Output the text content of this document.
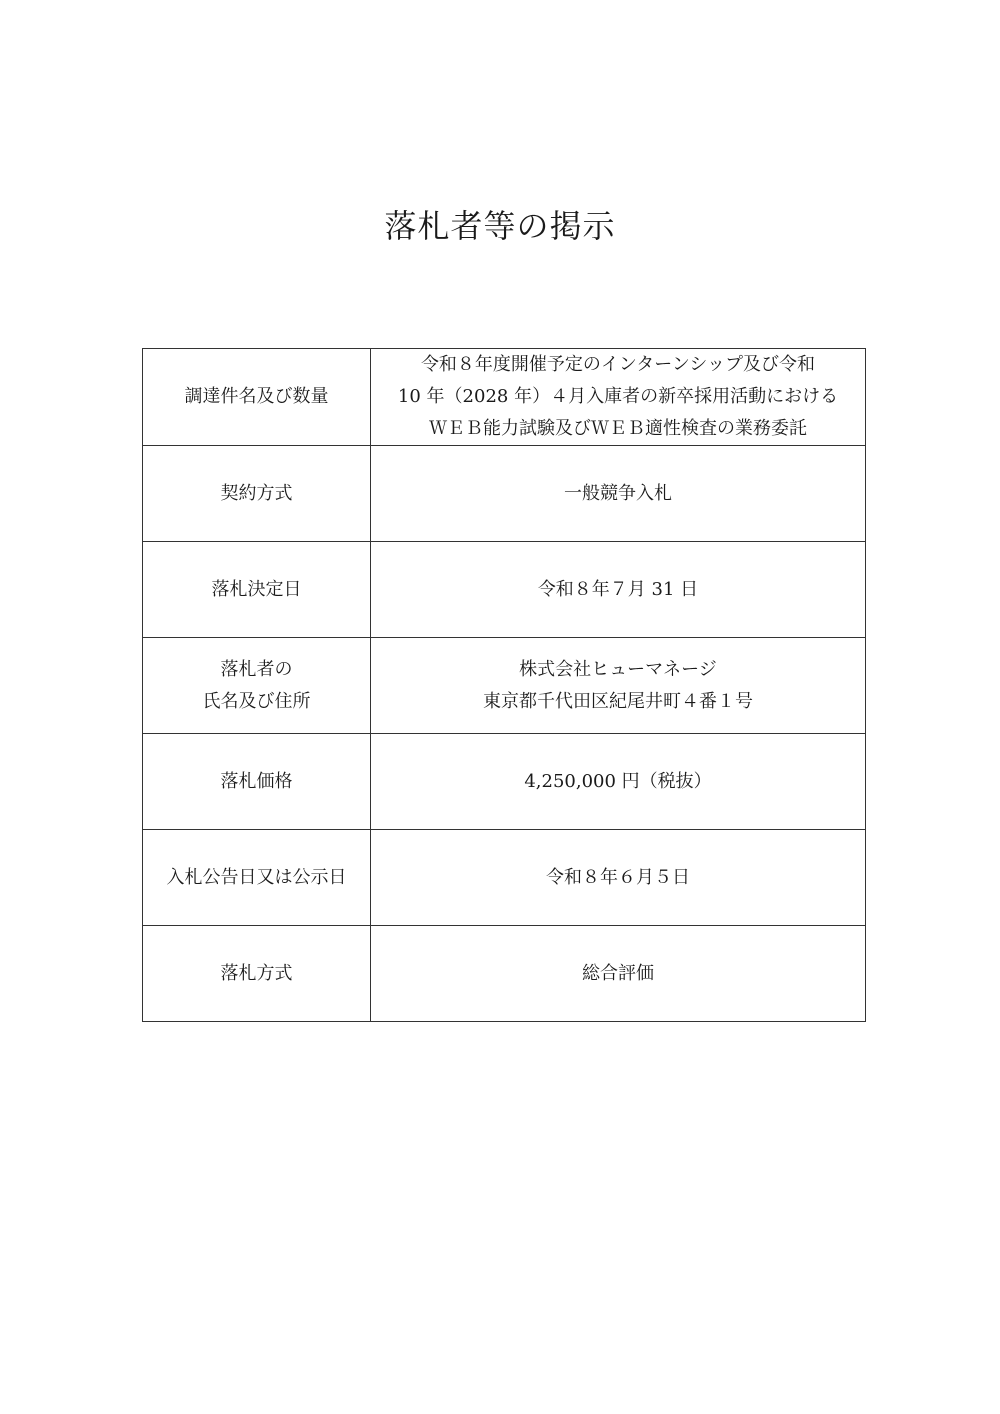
落札者等の掲示
調達件名及び数量	令和８年度開催予定のインターンシップ及び令和
10 年（2028 年）４月入庫者の新卒採用活動における
ＷＥＢ能力試験及びＷＥＢ適性検査の業務委託

契約方式	一般競争入札

落札決定日	令和８年７月 31 日

落札者の
氏名及び住所	株式会社ヒューマネージ
東京都千代田区紀尾井町４番１号

落札価格	4,250,000 円（税抜）

入札公告日又は公示日	令和８年６月５日

落札方式	総合評価
